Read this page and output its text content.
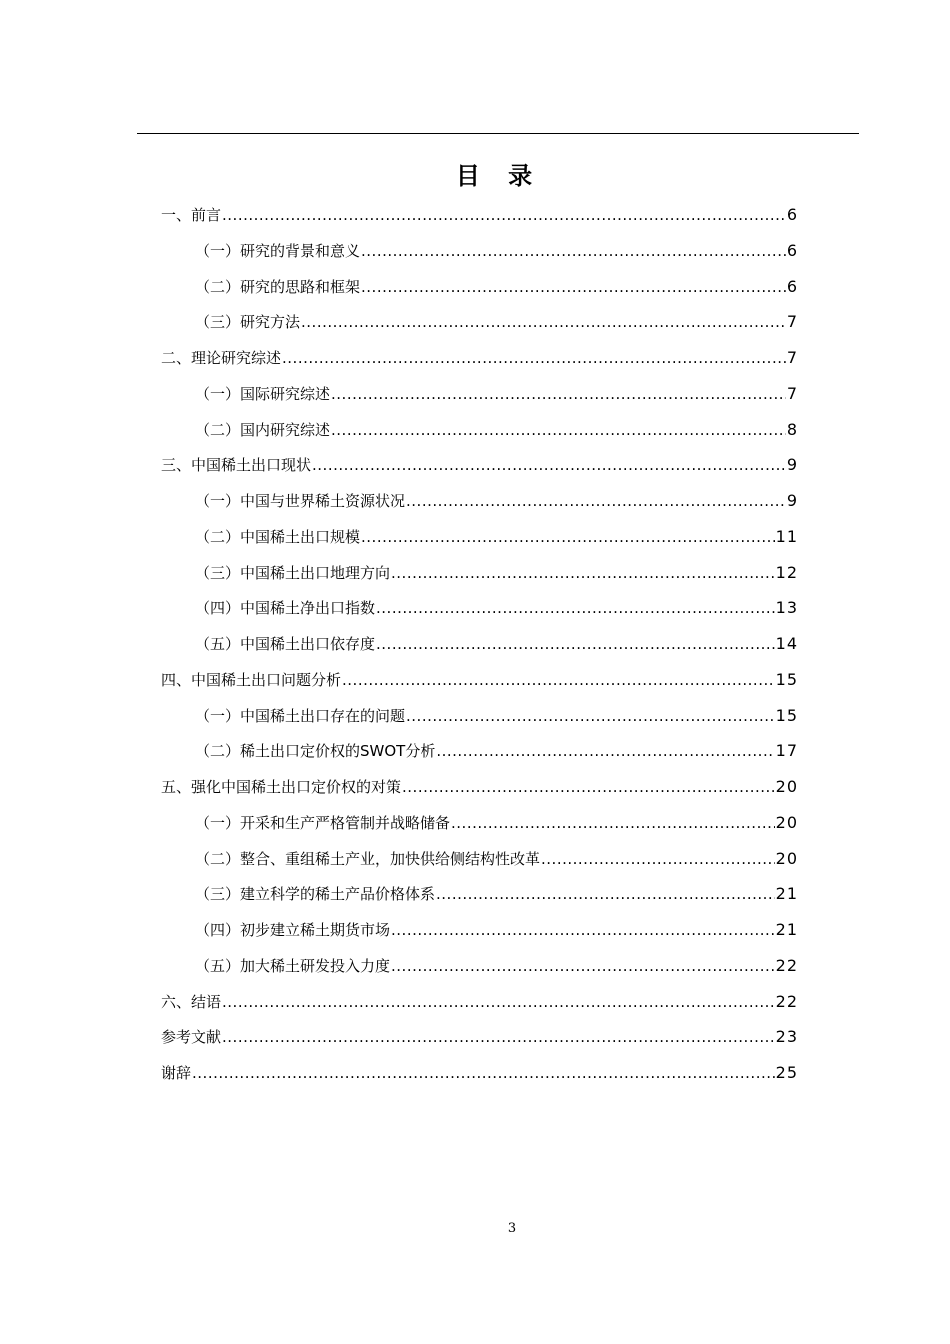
目 录
一、前言 .....	6
（一）研究的背景和意义 .....	6
（二）研究的思路和框架 .....	6
（三）研究方法 .....	7
二、理论研究综述 .....	7
（一）国际研究综述 .....	7
（二）国内研究综述 .....	8
三、中国稀土出口现状 .....	9
（一）中国与世界稀土资源状况 .....	9
（二）中国稀土出口规模 .....	11
（三）中国稀土出口地理方向 .....	12
（四）中国稀土净出口指数 .....	13
（五）中国稀土出口依存度 .....	14
四、中国稀土出口问题分析 .....	15
（一）中国稀土出口存在的问题 .....	15
（二）稀土出口定价权的SWOT分析 .....	17
五、强化中国稀土出口定价权的对策 .....	20
（一）开采和生产严格管制并战略储备 .....	20
（二）整合、重组稀土产业，加快供给侧结构性改革 .....	20
（三）建立科学的稀土产品价格体系 .....	21
（四）初步建立稀土期货市场 .....	21
（五）加大稀土研发投入力度 .....	22
六、结语 .....	22
参考文献 .....	23
谢辞 .....	25
3
